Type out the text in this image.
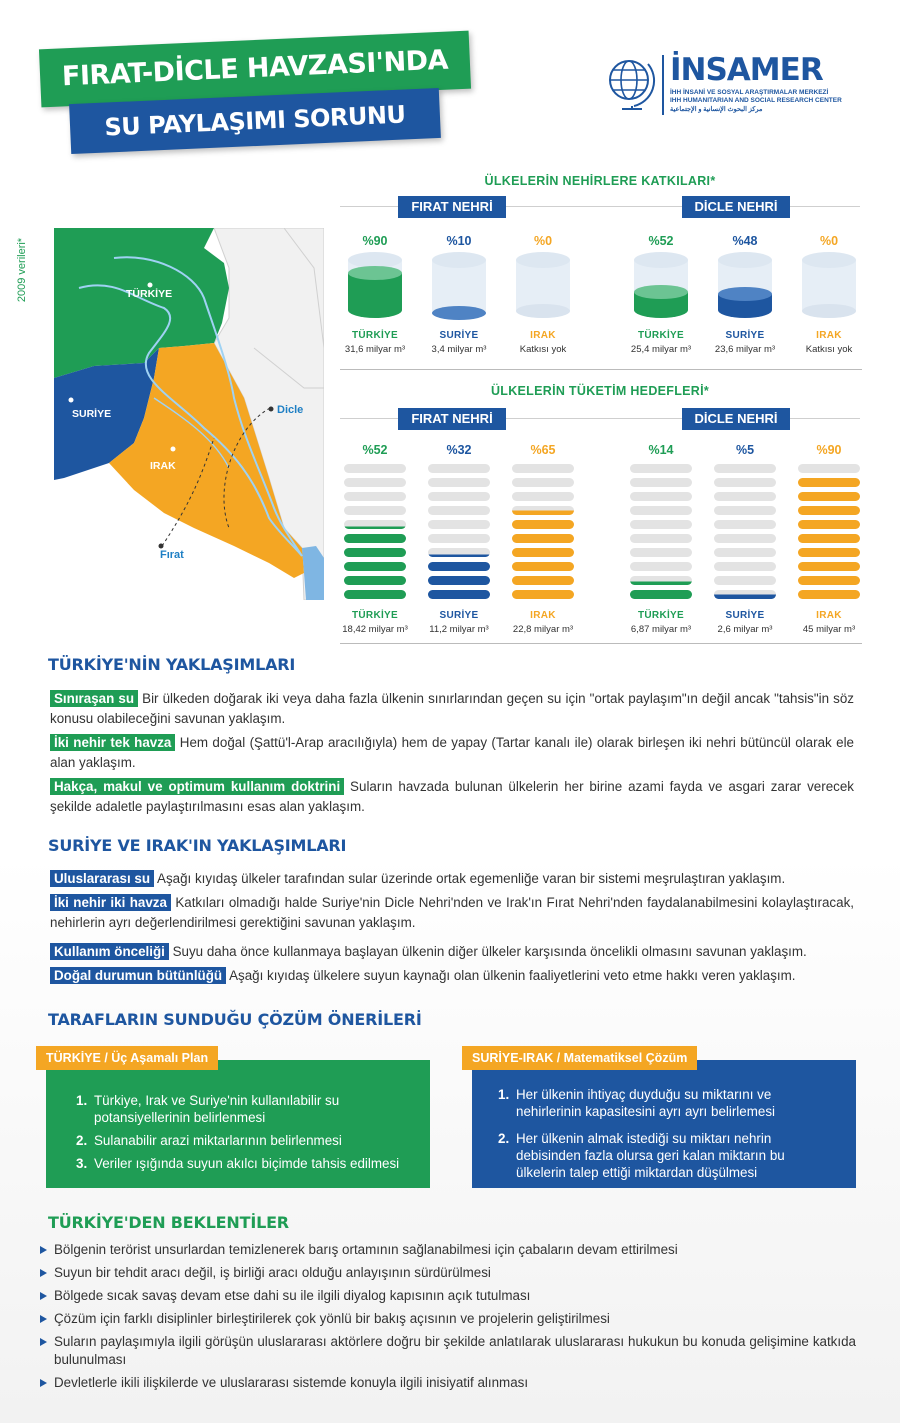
FIRAT-DİCLE HAVZASI'NDA
SU PAYLAŞIMI SORUNU
İNSAMER
İHH İNSANİ VE SOSYAL ARAŞTIRMALAR MERKEZİ
IHH HUMANITARIAN AND SOCIAL RESEARCH CENTER
مركز البحوث الإنسانية و الإجتماعية
2009 verileri*	TÜRKİYE
SURİYE
IRAK
Dicle
Fırat
ÜLKELERİN NEHİRLERE KATKILARI*
FIRAT NEHRİ	DİCLE NEHRİ
%90
TÜRKİYE
31,6 milyar m³
%10
SURİYE
3,4 milyar m³
%0
IRAK
Katkısı yok
%52
TÜRKİYE
25,4 milyar m³
%48
SURİYE
23,6 milyar m³
%0
IRAK
Katkısı yok
ÜLKELERİN TÜKETİM HEDEFLERİ*
FIRAT NEHRİ	DİCLE NEHRİ
%52
TÜRKİYE
18,42 milyar m³
%32
SURİYE
11,2 milyar m³
%65
IRAK
22,8 milyar m³
%14
TÜRKİYE
6,87 milyar m³
%5
SURİYE
2,6 milyar m³
%90
IRAK
45 milyar m³
TÜRKİYE'NİN YAKLAŞIMLARI
Sınıraşan su Bir ülkeden doğarak iki veya daha fazla ülkenin sınırlarından geçen su için "ortak paylaşım"ın değil ancak "tahsis"in söz konusu olabileceğini savunan yaklaşım.
İki nehir tek havza Hem doğal (Şattü'l-Arap aracılığıyla) hem de yapay (Tartar kanalı ile) olarak birleşen iki nehri bütüncül olarak ele alan yaklaşım.
Hakça, makul ve optimum kullanım doktrini Suların havzada bulunan ülkelerin her birine azami fayda ve asgari zarar verecek şekilde adaletle paylaştırılmasını esas alan yaklaşım.
SURİYE VE IRAK'IN YAKLAŞIMLARI
Uluslararası su Aşağı kıyıdaş ülkeler tarafından sular üzerinde ortak egemenliğe varan bir sistemi meşrulaştıran yaklaşım.
İki nehir iki havza Katkıları olmadığı halde Suriye'nin Dicle Nehri'nden ve Irak'ın Fırat Nehri'nden faydalanabilmesini kolaylaştıracak, nehirlerin ayrı değerlendirilmesi gerektiğini savunan yaklaşım.
Kullanım önceliği Suyu daha önce kullanmaya başlayan ülkenin diğer ülkeler karşısında öncelikli olmasını savunan yaklaşım.
Doğal durumun bütünlüğü Aşağı kıyıdaş ülkelere suyun kaynağı olan ülkenin faaliyetlerini veto etme hakkı veren yaklaşım.
TARAFLARIN SUNDUĞU ÇÖZÜM ÖNERİLERİ
1. Türkiye, Irak ve Suriye'nin kullanılabilir su potansiyellerinin belirlenmesi
2. Sulanabilir arazi miktarlarının belirlenmesi
3. Veriler ışığında suyun akılcı biçimde tahsis edilmesi
TÜRKİYE / Üç Aşamalı Plan
1. Her ülkenin ihtiyaç duyduğu su miktarını ve nehirlerinin kapasitesini ayrı ayrı belirlemesi
2. Her ülkenin almak istediği su miktarı nehrin debisinden fazla olursa geri kalan miktarın bu ülkelerin talep ettiği miktardan düşülmesi
SURİYE-IRAK / Matematiksel Çözüm
TÜRKİYE'DEN BEKLENTİLER
Bölgenin terörist unsurlardan temizlenerek barış ortamının sağlanabilmesi için çabaların devam ettirilmesi
Suyun bir tehdit aracı değil, iş birliği aracı olduğu anlayışının sürdürülmesi
Bölgede sıcak savaş devam etse dahi su ile ilgili diyalog kapısının açık tutulması
Çözüm için farklı disiplinler birleştirilerek çok yönlü bir bakış açısının ve projelerin geliştirilmesi
Suların paylaşımıyla ilgili görüşün uluslararası aktörlere doğru bir şekilde anlatılarak uluslararası hukukun bu konuda gelişimine katkıda bulunulması
Devletlerle ikili ilişkilerde ve uluslararası sistemde konuyla ilgili inisiyatif alınması
